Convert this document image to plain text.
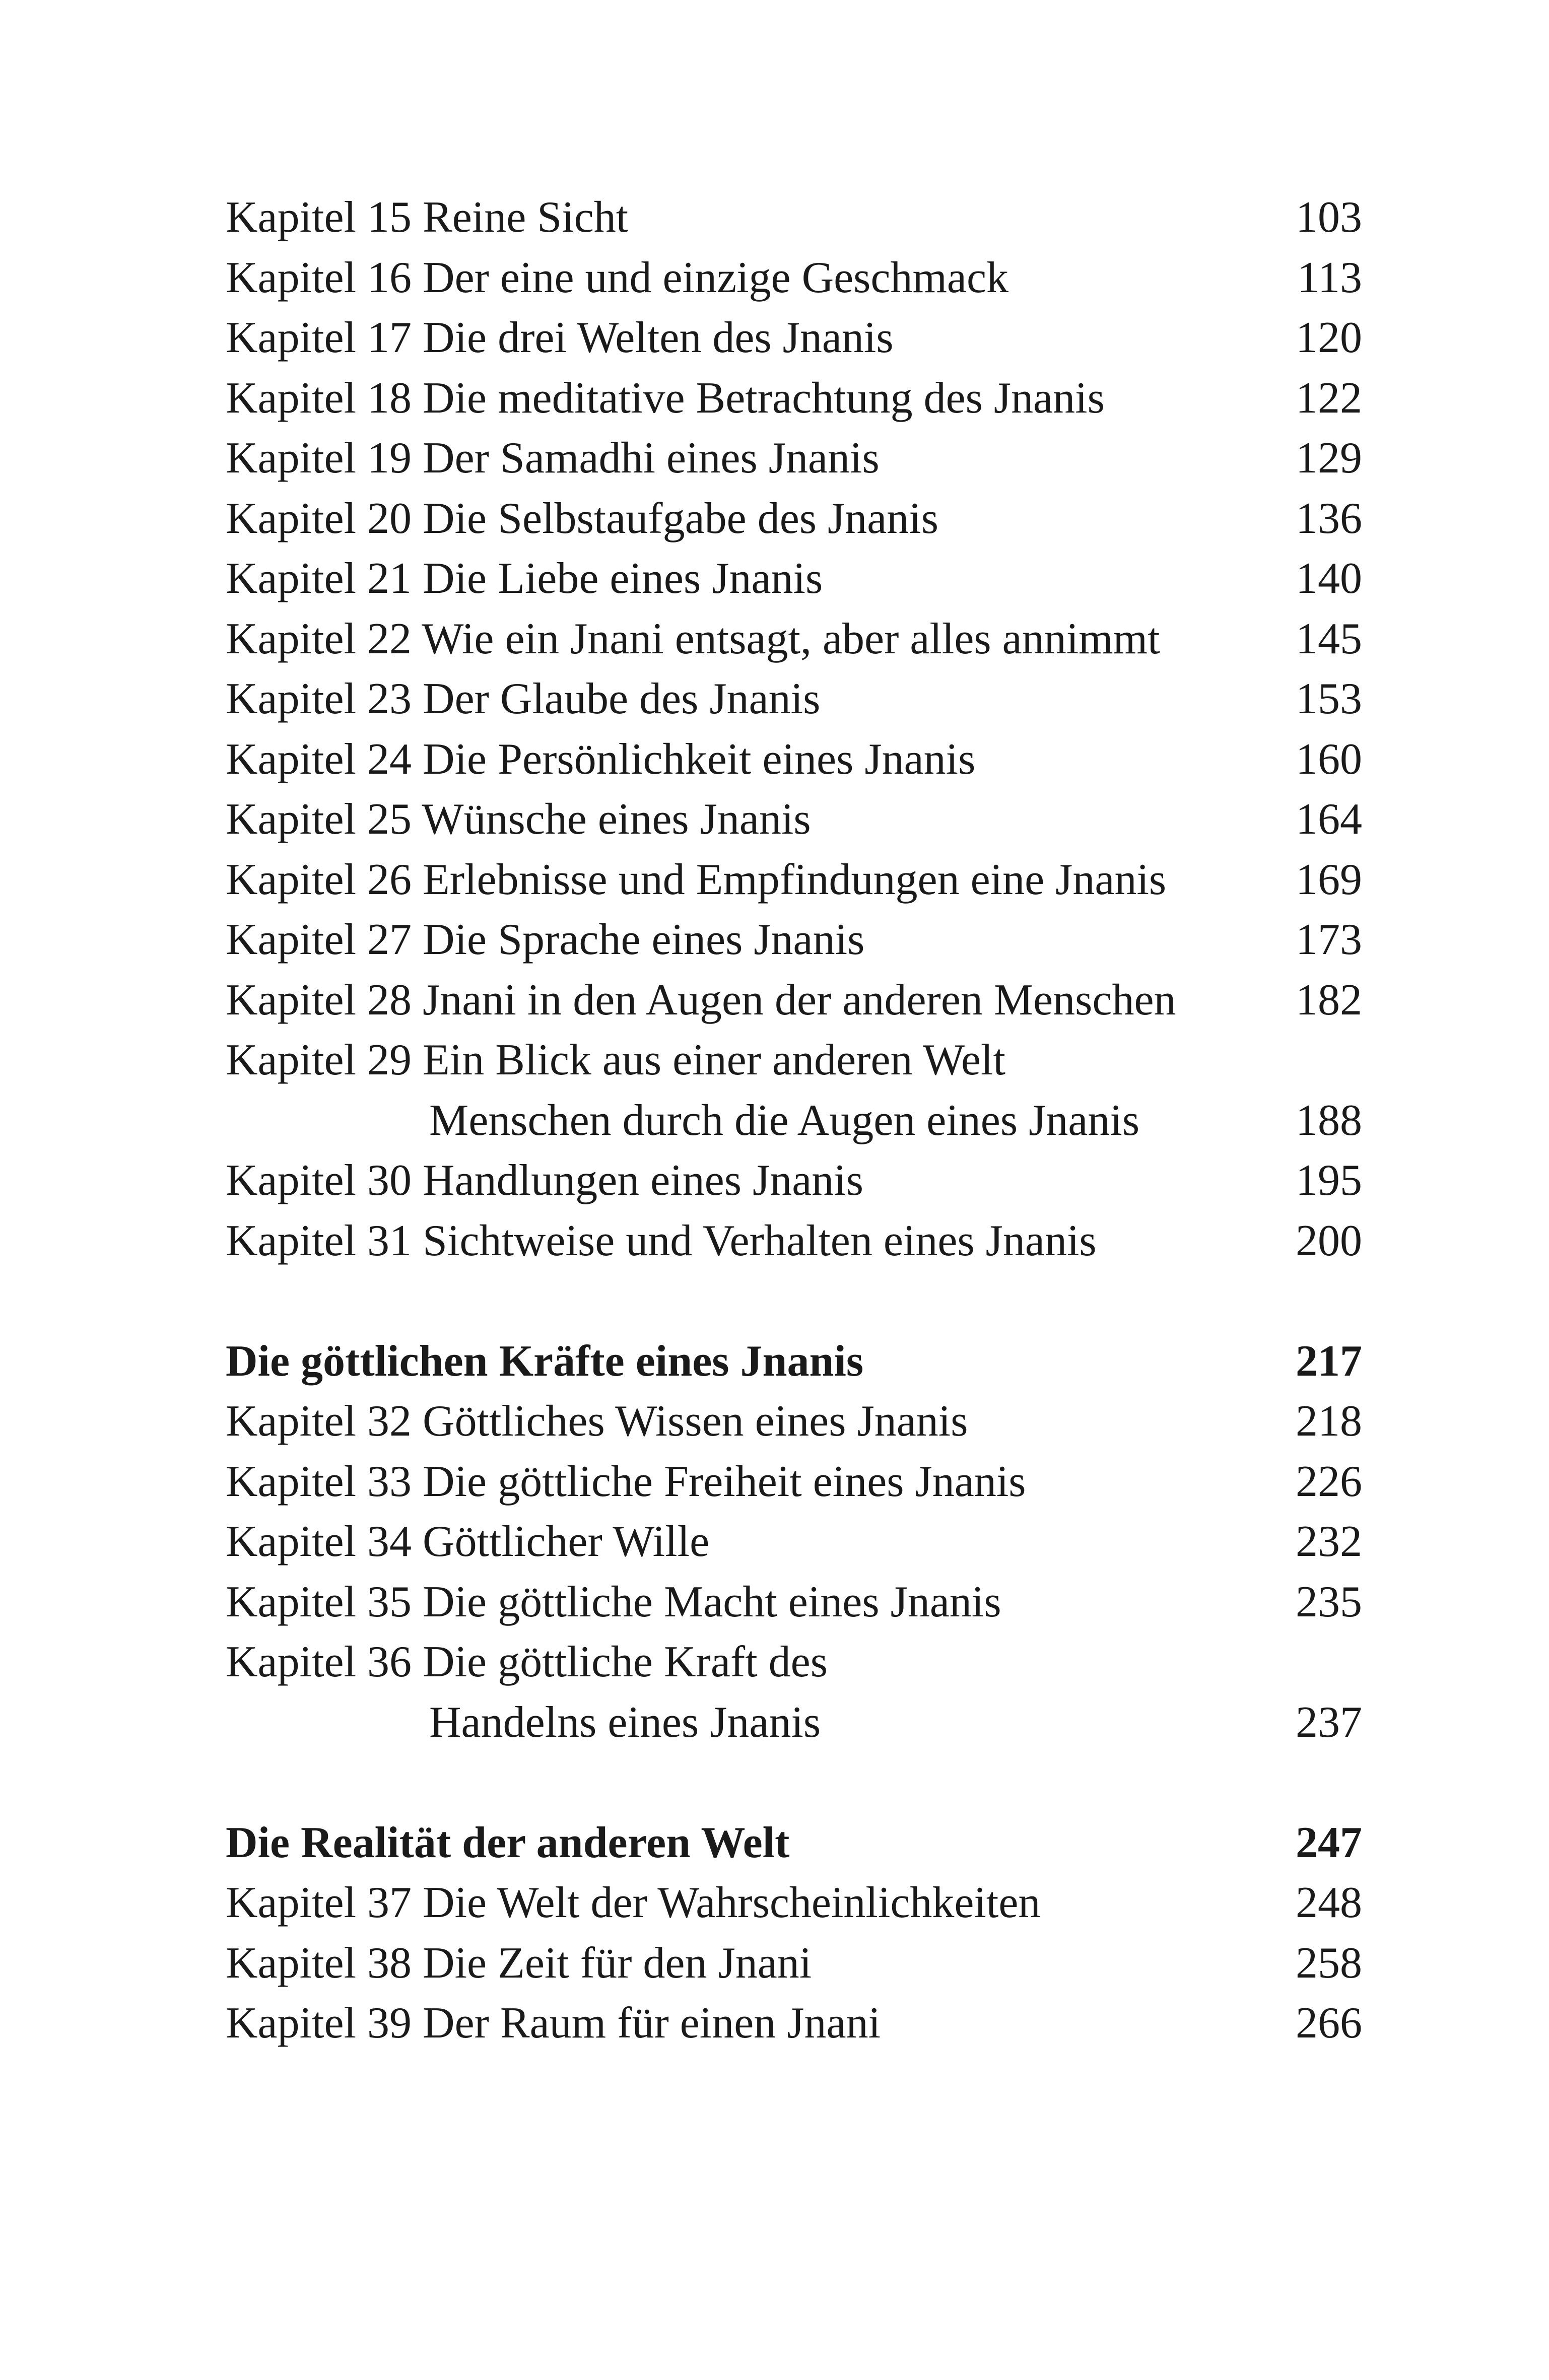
Kapitel 15 Reine Sicht	103
Kapitel 16 Der eine und einzige Geschmack	113
Kapitel 17 Die drei Welten des Jnanis	120
Kapitel 18 Die meditative Betrachtung des Jnanis	122
Kapitel 19 Der Samadhi eines Jnanis	129
Kapitel 20 Die Selbstaufgabe des Jnanis	136
Kapitel 21 Die Liebe eines Jnanis	140
Kapitel 22 Wie ein Jnani entsagt, aber alles annimmt	145
Kapitel 23 Der Glaube des Jnanis	153
Kapitel 24 Die Persönlichkeit eines Jnanis	160
Kapitel 25 Wünsche eines Jnanis	164
Kapitel 26 Erlebnisse und Empfindungen eine Jnanis	169
Kapitel 27 Die Sprache eines Jnanis	173
Kapitel 28 Jnani in den Augen der anderen Menschen	182
Kapitel 29 Ein Blick aus einer anderen Welt
Menschen durch die Augen eines Jnanis	188
Kapitel 30 Handlungen eines Jnanis	195
Kapitel 31 Sichtweise und Verhalten eines Jnanis	200
Die göttlichen Kräfte eines Jnanis	217
Kapitel 32 Göttliches Wissen eines Jnanis	218
Kapitel 33 Die göttliche Freiheit eines Jnanis	226
Kapitel 34 Göttlicher Wille	232
Kapitel 35 Die göttliche Macht eines Jnanis	235
Kapitel 36 Die göttliche Kraft des
Handelns eines Jnanis	237
Die Realität der anderen Welt	247
Kapitel 37 Die Welt der Wahrscheinlichkeiten	248
Kapitel 38 Die Zeit für den Jnani	258
Kapitel 39 Der Raum für einen Jnani	266
